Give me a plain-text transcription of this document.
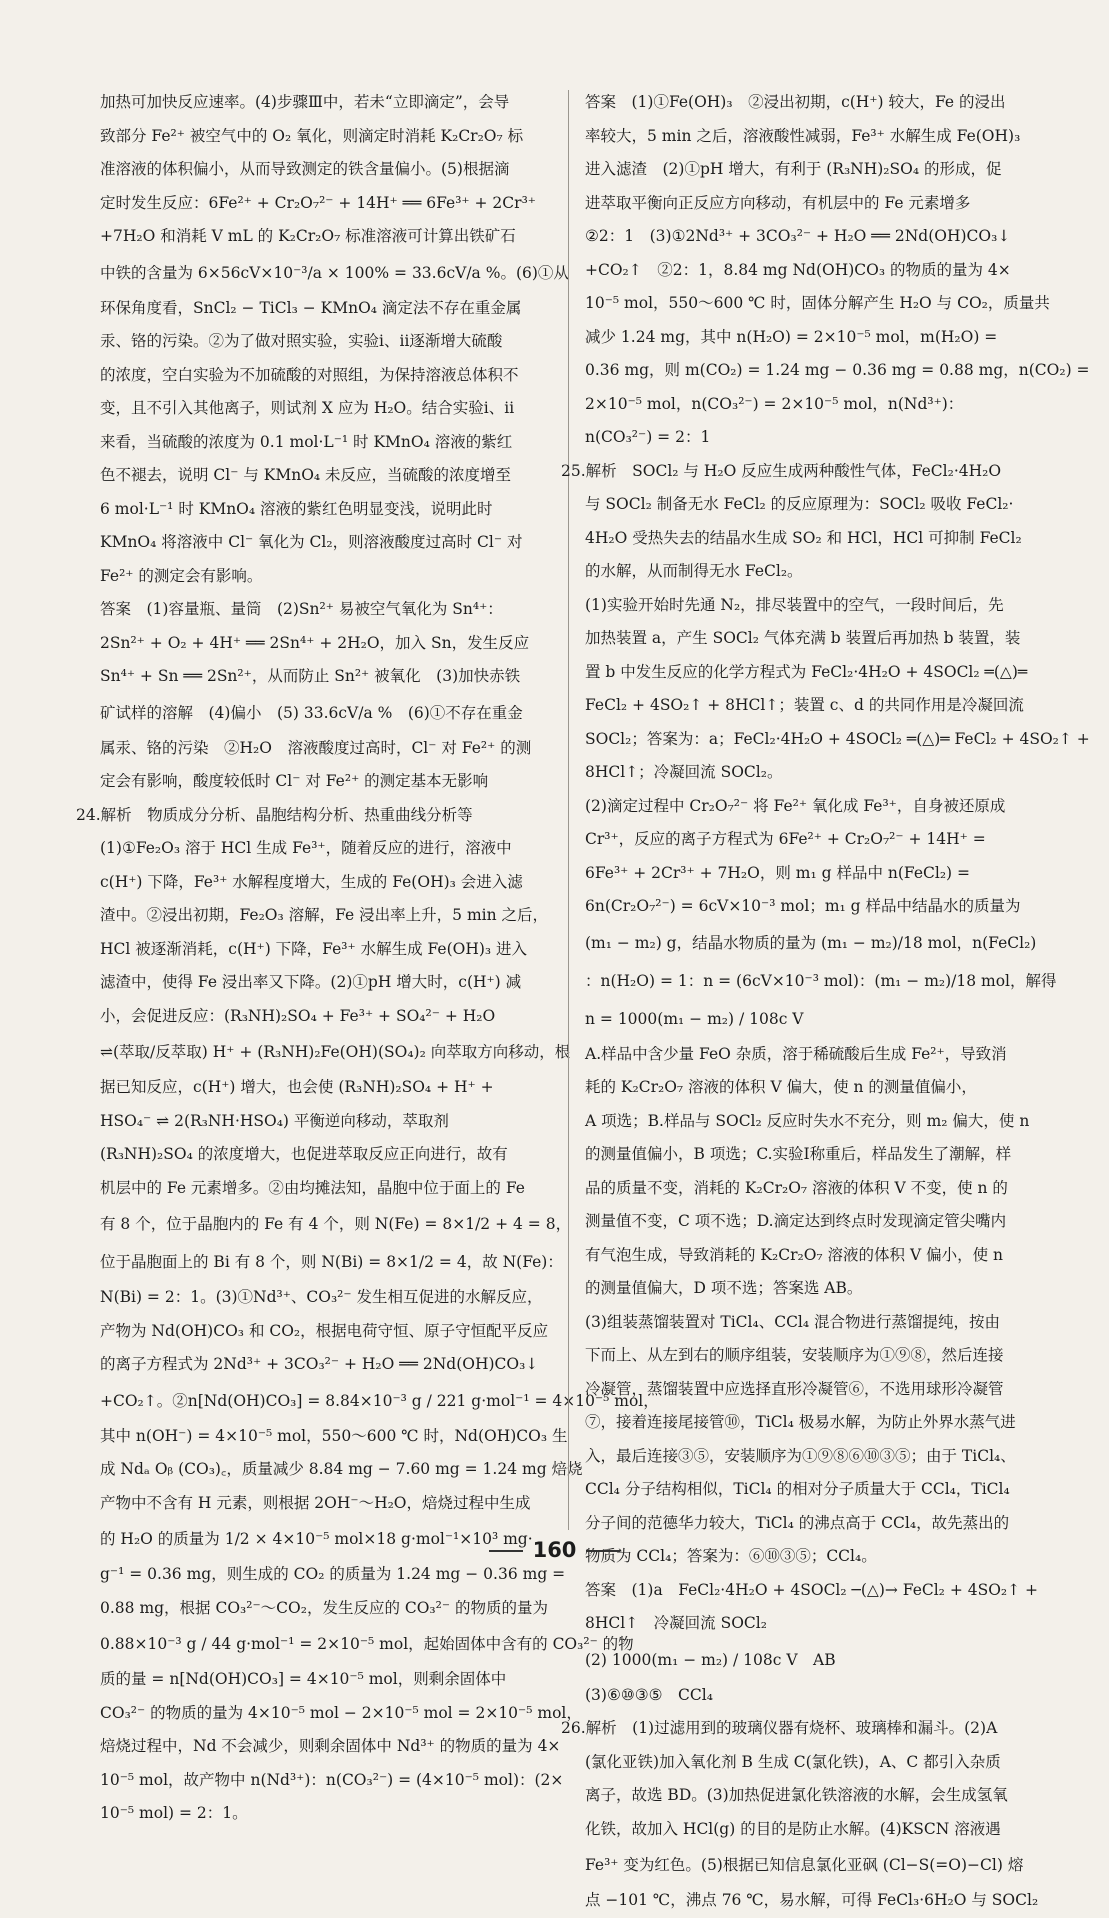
加热可加快反应速率。(4)步骤Ⅲ中，若未“立即滴定”，会导
致部分 Fe²⁺ 被空气中的 O₂ 氧化，则滴定时消耗 K₂Cr₂O₇ 标
准溶液的体积偏小，从而导致测定的铁含量偏小。(5)根据滴
定时发生反应：6Fe²⁺ + Cr₂O₇²⁻ + 14H⁺ ══ 6Fe³⁺ + 2Cr³⁺
+7H₂O 和消耗 V mL 的 K₂Cr₂O₇ 标准溶液可计算出铁矿石
中铁的含量为 6×56cV×10⁻³/a × 100% = 33.6cV/a %。(6)①从
环保角度看，SnCl₂ − TiCl₃ − KMnO₄ 滴定法不存在重金属
汞、铬的污染。②为了做对照实验，实验ⅰ、ⅱ逐渐增大硫酸
的浓度，空白实验为不加硫酸的对照组，为保持溶液总体积不
变，且不引入其他离子，则试剂 X 应为 H₂O。结合实验ⅰ、ⅱ
来看，当硫酸的浓度为 0.1 mol·L⁻¹ 时 KMnO₄ 溶液的紫红
色不褪去，说明 Cl⁻ 与 KMnO₄ 未反应，当硫酸的浓度增至
6 mol·L⁻¹ 时 KMnO₄ 溶液的紫红色明显变浅，说明此时
KMnO₄ 将溶液中 Cl⁻ 氧化为 Cl₂，则溶液酸度过高时 Cl⁻ 对
Fe²⁺ 的测定会有影响。
答案　(1)容量瓶、量筒　(2)Sn²⁺ 易被空气氧化为 Sn⁴⁺：
2Sn²⁺ + O₂ + 4H⁺ ══ 2Sn⁴⁺ + 2H₂O，加入 Sn，发生反应
Sn⁴⁺ + Sn ══ 2Sn²⁺，从而防止 Sn²⁺ 被氧化　(3)加快赤铁
矿试样的溶解　(4)偏小　(5) 33.6cV/a %　(6)①不存在重金
属汞、铬的污染　②H₂O　溶液酸度过高时，Cl⁻ 对 Fe²⁺ 的测
定会有影响，酸度较低时 Cl⁻ 对 Fe²⁺ 的测定基本无影响
24.解析　物质成分分析、晶胞结构分析、热重曲线分析等
(1)①Fe₂O₃ 溶于 HCl 生成 Fe³⁺，随着反应的进行，溶液中
c(H⁺) 下降，Fe³⁺ 水解程度增大，生成的 Fe(OH)₃ 会进入滤
渣中。②浸出初期，Fe₂O₃ 溶解，Fe 浸出率上升，5 min 之后，
HCl 被逐渐消耗，c(H⁺) 下降，Fe³⁺ 水解生成 Fe(OH)₃ 进入
滤渣中，使得 Fe 浸出率又下降。(2)①pH 增大时，c(H⁺) 减
小，会促进反应：(R₃NH)₂SO₄ + Fe³⁺ + SO₄²⁻ + H₂O
⇌(萃取/反萃取) H⁺ + (R₃NH)₂Fe(OH)(SO₄)₂ 向萃取方向移动，根
据已知反应，c(H⁺) 增大，也会使 (R₃NH)₂SO₄ + H⁺ +
HSO₄⁻ ⇌ 2(R₃NH·HSO₄) 平衡逆向移动，萃取剂
(R₃NH)₂SO₄ 的浓度增大，也促进萃取反应正向进行，故有
机层中的 Fe 元素增多。②由均摊法知，晶胞中位于面上的 Fe
有 8 个，位于晶胞内的 Fe 有 4 个，则 N(Fe) = 8×1/2 + 4 = 8，
位于晶胞面上的 Bi 有 8 个，则 N(Bi) = 8×1/2 = 4，故 N(Fe)：
N(Bi) = 2：1。(3)①Nd³⁺、CO₃²⁻ 发生相互促进的水解反应，
产物为 Nd(OH)CO₃ 和 CO₂，根据电荷守恒、原子守恒配平反应
的离子方程式为 2Nd³⁺ + 3CO₃²⁻ + H₂O ══ 2Nd(OH)CO₃↓
+CO₂↑。②n[Nd(OH)CO₃] = 8.84×10⁻³ g / 221 g·mol⁻¹ = 4×10⁻⁵ mol，
其中 n(OH⁻) = 4×10⁻⁵ mol，550～600 ℃ 时，Nd(OH)CO₃ 生
成 Ndₐ Oᵦ (CO₃)꜀，质量减少 8.84 mg − 7.60 mg = 1.24 mg 焙烧
产物中不含有 H 元素，则根据 2OH⁻～H₂O，焙烧过程中生成
的 H₂O 的质量为 1/2 × 4×10⁻⁵ mol×18 g·mol⁻¹×10³ mg·
g⁻¹ = 0.36 mg，则生成的 CO₂ 的质量为 1.24 mg − 0.36 mg =
0.88 mg，根据 CO₃²⁻～CO₂，发生反应的 CO₃²⁻ 的物质的量为
0.88×10⁻³ g / 44 g·mol⁻¹ = 2×10⁻⁵ mol，起始固体中含有的 CO₃²⁻ 的物
质的量 = n[Nd(OH)CO₃] = 4×10⁻⁵ mol，则剩余固体中
CO₃²⁻ 的物质的量为 4×10⁻⁵ mol − 2×10⁻⁵ mol = 2×10⁻⁵ mol，
焙烧过程中，Nd 不会减少，则剩余固体中 Nd³⁺ 的物质的量为 4×
10⁻⁵ mol，故产物中 n(Nd³⁺)：n(CO₃²⁻) = (4×10⁻⁵ mol)：(2×
10⁻⁵ mol) = 2：1。
答案　(1)①Fe(OH)₃　②浸出初期，c(H⁺) 较大，Fe 的浸出
率较大，5 min 之后，溶液酸性减弱，Fe³⁺ 水解生成 Fe(OH)₃
进入滤渣　(2)①pH 增大，有利于 (R₃NH)₂SO₄ 的形成，促
进萃取平衡向正反应方向移动，有机层中的 Fe 元素增多
②2：1　(3)①2Nd³⁺ + 3CO₃²⁻ + H₂O ══ 2Nd(OH)CO₃↓
+CO₂↑　②2：1，8.84 mg Nd(OH)CO₃ 的物质的量为 4×
10⁻⁵ mol，550～600 ℃ 时，固体分解产生 H₂O 与 CO₂，质量共
减少 1.24 mg，其中 n(H₂O) = 2×10⁻⁵ mol，m(H₂O) =
0.36 mg，则 m(CO₂) = 1.24 mg − 0.36 mg = 0.88 mg，n(CO₂) =
2×10⁻⁵ mol，n(CO₃²⁻) = 2×10⁻⁵ mol，n(Nd³⁺)：
n(CO₃²⁻) = 2：1
25.解析　SOCl₂ 与 H₂O 反应生成两种酸性气体，FeCl₂·4H₂O
与 SOCl₂ 制备无水 FeCl₂ 的反应原理为：SOCl₂ 吸收 FeCl₂·
4H₂O 受热失去的结晶水生成 SO₂ 和 HCl，HCl 可抑制 FeCl₂
的水解，从而制得无水 FeCl₂。
(1)实验开始时先通 N₂，排尽装置中的空气，一段时间后，先
加热装置 a，产生 SOCl₂ 气体充满 b 装置后再加热 b 装置，装
置 b 中发生反应的化学方程式为 FeCl₂·4H₂O + 4SOCl₂ ═(△)═
FeCl₂ + 4SO₂↑ + 8HCl↑；装置 c、d 的共同作用是冷凝回流
SOCl₂；答案为：a；FeCl₂·4H₂O + 4SOCl₂ ═(△)═ FeCl₂ + 4SO₂↑ +
8HCl↑；冷凝回流 SOCl₂。
(2)滴定过程中 Cr₂O₇²⁻ 将 Fe²⁺ 氧化成 Fe³⁺，自身被还原成
Cr³⁺，反应的离子方程式为 6Fe²⁺ + Cr₂O₇²⁻ + 14H⁺ =
6Fe³⁺ + 2Cr³⁺ + 7H₂O，则 m₁ g 样品中 n(FeCl₂) =
6n(Cr₂O₇²⁻) = 6cV×10⁻³ mol；m₁ g 样品中结晶水的质量为
(m₁ − m₂) g，结晶水物质的量为 (m₁ − m₂)/18 mol，n(FeCl₂)
：n(H₂O) = 1：n = (6cV×10⁻³ mol)：(m₁ − m₂)/18 mol，解得
n = 1000(m₁ − m₂) / 108c V
A.样品中含少量 FeO 杂质，溶于稀硫酸后生成 Fe²⁺，导致消
耗的 K₂Cr₂O₇ 溶液的体积 V 偏大，使 n 的测量值偏小，
A 项选；B.样品与 SOCl₂ 反应时失水不充分，则 m₂ 偏大，使 n
的测量值偏小，B 项选；C.实验Ⅰ称重后，样品发生了潮解，样
品的质量不变，消耗的 K₂Cr₂O₇ 溶液的体积 V 不变，使 n 的
测量值不变，C 项不选；D.滴定达到终点时发现滴定管尖嘴内
有气泡生成，导致消耗的 K₂Cr₂O₇ 溶液的体积 V 偏小，使 n
的测量值偏大，D 项不选；答案选 AB。
(3)组装蒸馏装置对 TiCl₄、CCl₄ 混合物进行蒸馏提纯，按由
下而上、从左到右的顺序组装，安装顺序为①⑨⑧，然后连接
冷凝管，蒸馏装置中应选择直形冷凝管⑥，不选用球形冷凝管
⑦，接着连接尾接管⑩，TiCl₄ 极易水解，为防止外界水蒸气进
入，最后连接③⑤，安装顺序为①⑨⑧⑥⑩③⑤；由于 TiCl₄、
CCl₄ 分子结构相似，TiCl₄ 的相对分子质量大于 CCl₄，TiCl₄
分子间的范德华力较大，TiCl₄ 的沸点高于 CCl₄，故先蒸出的
物质为 CCl₄；答案为：⑥⑩③⑤；CCl₄。
答案　(1)a　FeCl₂·4H₂O + 4SOCl₂ ─(△)→ FeCl₂ + 4SO₂↑ +
8HCl↑　冷凝回流 SOCl₂
(2) 1000(m₁ − m₂) / 108c V　AB
(3)⑥⑩③⑤　CCl₄
26.解析　(1)过滤用到的玻璃仪器有烧杯、玻璃棒和漏斗。(2)A
(氯化亚铁)加入氧化剂 B 生成 C(氯化铁)，A、C 都引入杂质
离子，故选 BD。(3)加热促进氯化铁溶液的水解，会生成氢氧
化铁，故加入 HCl(g) 的目的是防止水解。(4)KSCN 溶液遇
Fe³⁺ 变为红色。(5)根据已知信息氯化亚砜 (Cl−S(=O)−Cl) 熔
点 −101 ℃，沸点 76 ℃，易水解，可得 FeCl₃·6H₂O 与 SOCl₂
160
